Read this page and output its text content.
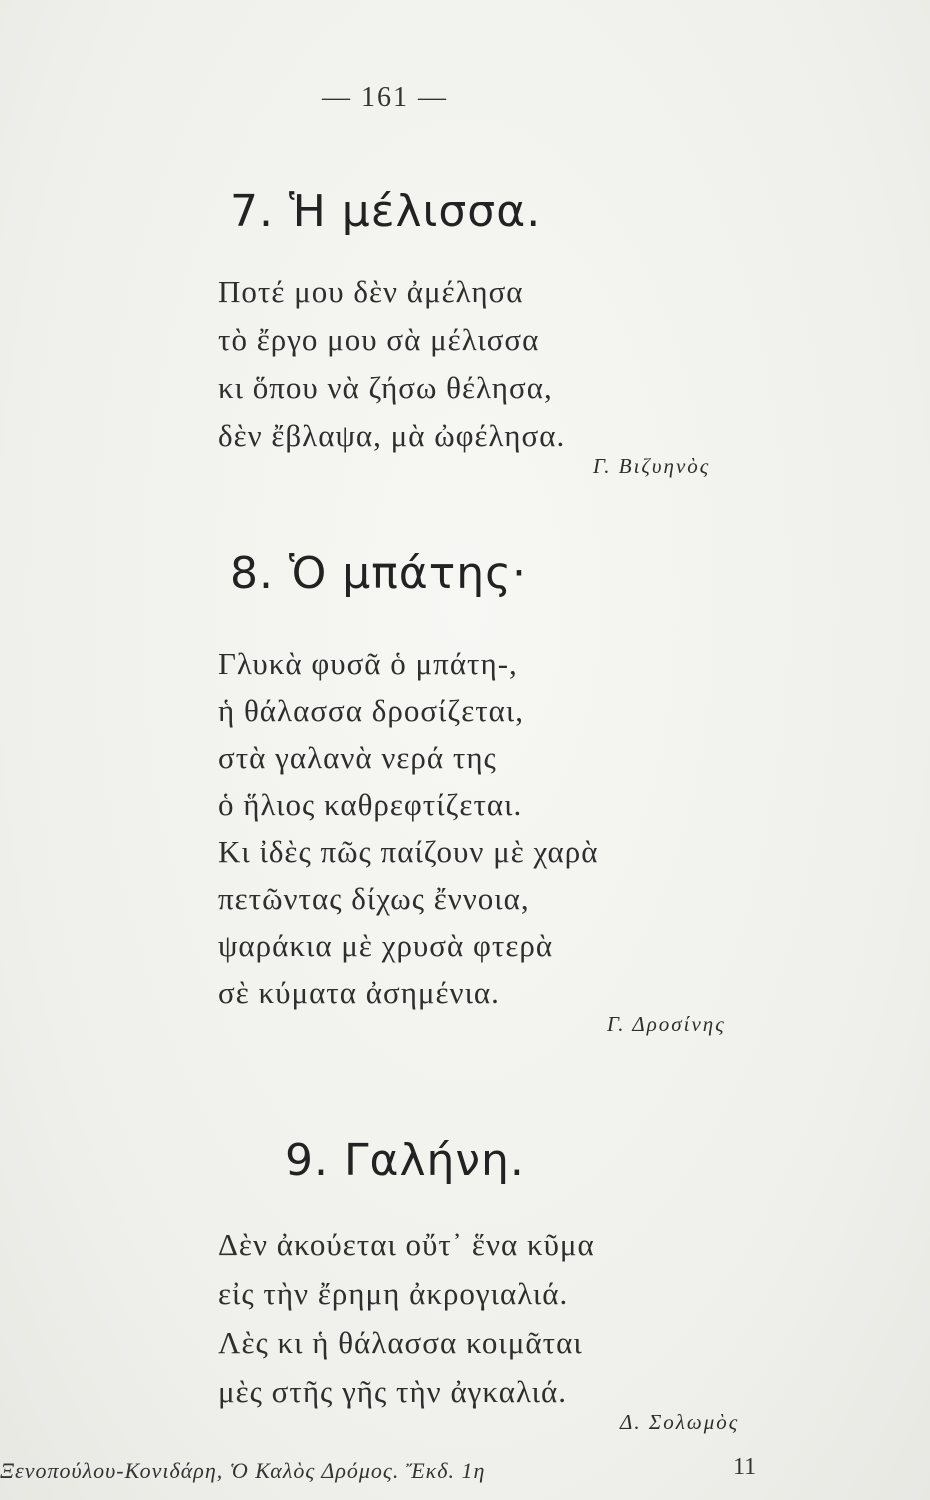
— 161 —
7. Ἡ μέλισσα.
Ποτέ μου δὲν ἀμέλησα
τὸ ἔργο μου σὰ μέλισσα
κι ὅπου νὰ ζήσω θέλησα,
δὲν ἔβλαψα, μὰ ὠφέλησα.
Γ. Βιζυηνὸς
8. Ὁ μπάτης·
Γλυκὰ φυσᾶ ὁ μπάτη-,
ἡ θάλασσα δροσίζεται,
στὰ γαλανὰ νερά της
ὁ ἥλιος καθρεφτίζεται.
Κι ἰδὲς πῶς παίζουν μὲ χαρὰ
πετῶντας δίχως ἔννοια,
ψαράκια μὲ χρυσὰ φτερὰ
σὲ κύματα ἀσημένια.
Γ. Δροσίνης
9. Γαλήνη.
Δὲν ἀκούεται οὔτ᾽ ἕνα κῦμα
εἰς τὴν ἔρημη ἀκρογιαλιά.
Λὲς κι ἡ θάλασσα κοιμᾶται
μὲς στῆς γῆς τὴν ἀγκαλιά.
Δ. Σολωμὸς
Ξενοπούλου-Κονιδάρη, Ὁ Καλὸς Δρόμος. Ἔκδ. 1η	11
